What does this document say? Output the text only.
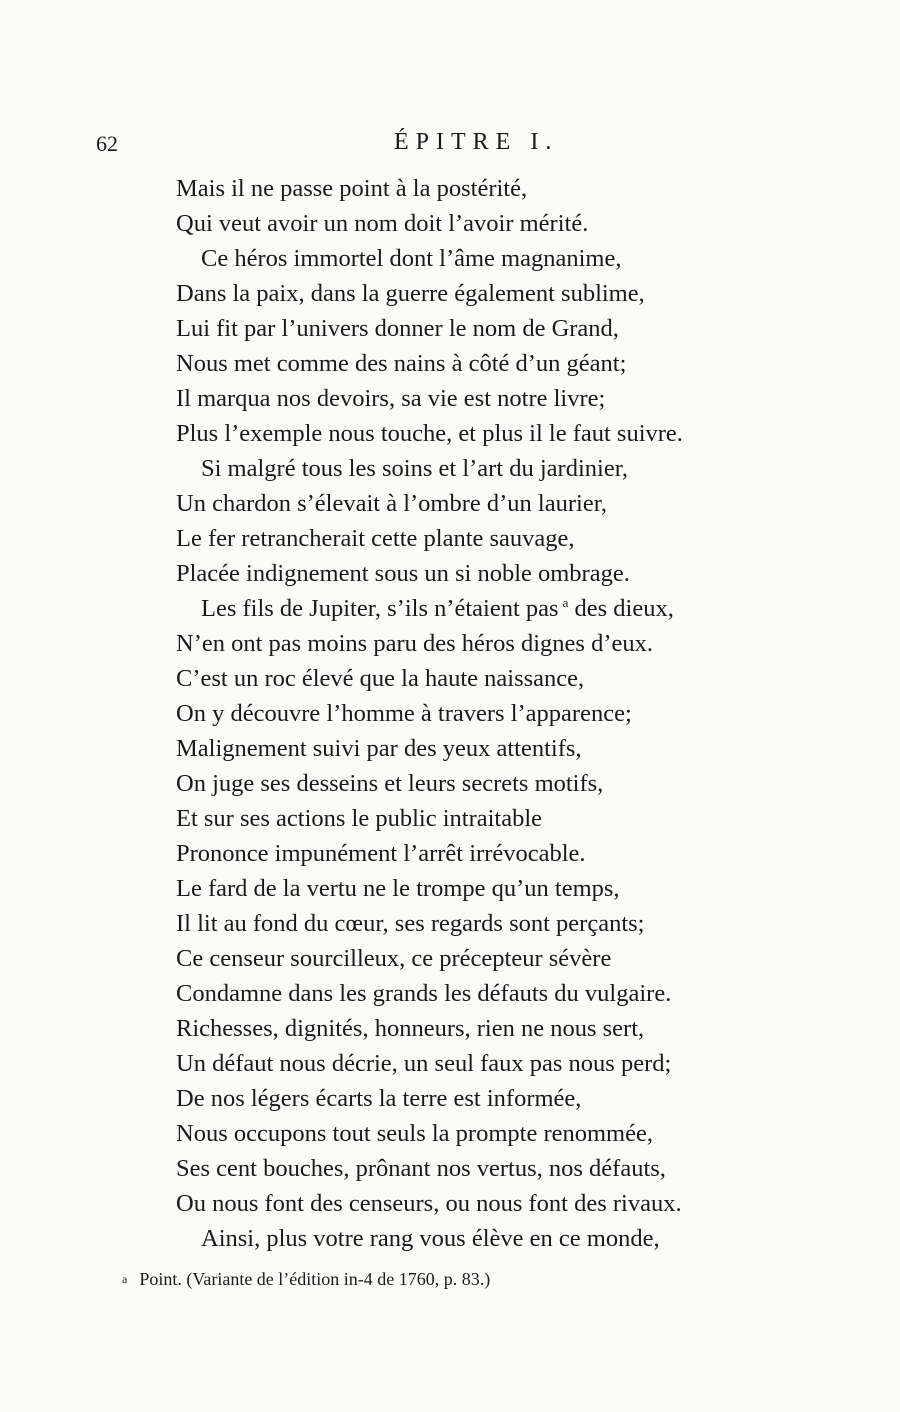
62	ÉPITRE I.
Mais il ne passe point à la postérité,
Qui veut avoir un nom doit l’avoir mérité.
Ce héros immortel dont l’âme magnanime,
Dans la paix, dans la guerre également sublime,
Lui fit par l’univers donner le nom de Grand,
Nous met comme des nains à côté d’un géant;
Il marqua nos devoirs, sa vie est notre livre;
Plus l’exemple nous touche, et plus il le faut suivre.
Si malgré tous les soins et l’art du jardinier,
Un chardon s’élevait à l’ombre d’un laurier,
Le fer retrancherait cette plante sauvage,
Placée indignement sous un si noble ombrage.
Les fils de Jupiter, s’ils n’étaient pas $^a$ des dieux,
N’en ont pas moins paru des héros dignes d’eux.
C’est un roc élevé que la haute naissance,
On y découvre l’homme à travers l’apparence;
Malignement suivi par des yeux attentifs,
On juge ses desseins et leurs secrets motifs,
Et sur ses actions le public intraitable
Prononce impunément l’arrêt irrévocable.
Le fard de la vertu ne le trompe qu’un temps,
Il lit au fond du cœur, ses regards sont perçants;
Ce censeur sourcilleux, ce précepteur sévère
Condamne dans les grands les défauts du vulgaire.
Richesses, dignités, honneurs, rien ne nous sert,
Un défaut nous décrie, un seul faux pas nous perd;
De nos légers écarts la terre est informée,
Nous occupons tout seuls la prompte renommée,
Ses cent bouches, prônant nos vertus, nos défauts,
Ou nous font des censeurs, ou nous font des rivaux.
Ainsi, plus votre rang vous élève en ce monde,
a Point. (Variante de l’édition in-4 de 1760, p. 83.)
